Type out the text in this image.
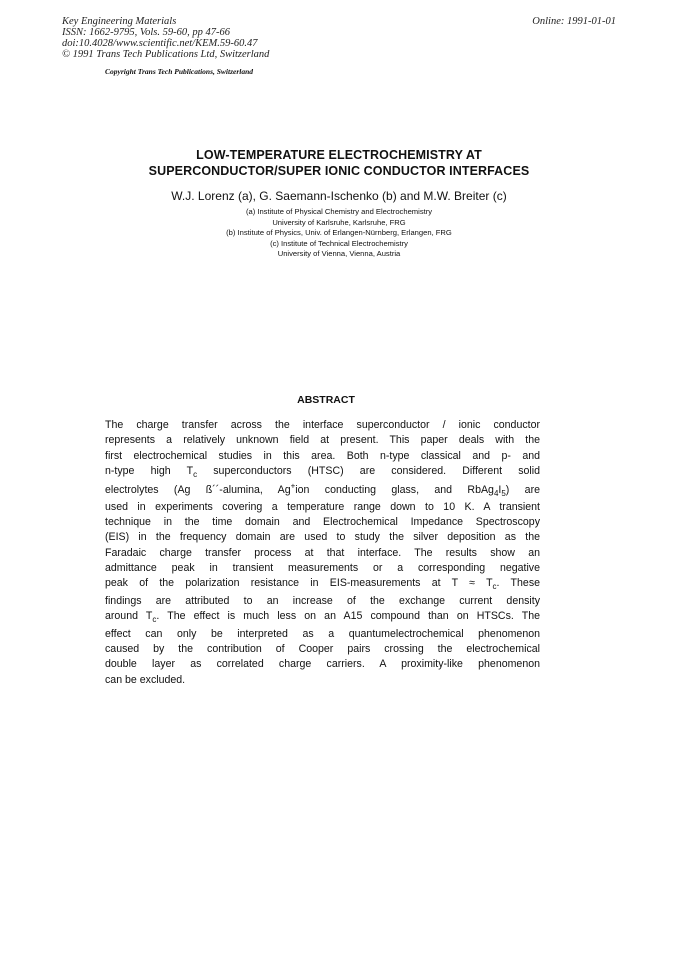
Key Engineering Materials
ISSN: 1662-9795, Vols. 59-60, pp 47-66
doi:10.4028/www.scientific.net/KEM.59-60.47
© 1991 Trans Tech Publications Ltd, Switzerland
Online: 1991-01-01
Copyright Trans Tech Publications, Switzerland
LOW-TEMPERATURE ELECTROCHEMISTRY AT
SUPERCONDUCTOR/SUPER IONIC CONDUCTOR INTERFACES
W.J. Lorenz (a), G. Saemann-Ischenko (b) and M.W. Breiter (c)
(a) Institute of Physical Chemistry and Electrochemistry
University of Karlsruhe, Karlsruhe, FRG
(b) Institute of Physics, Univ. of Erlangen-Nürnberg, Erlangen, FRG
(c) Institute of Technical Electrochemistry
University of Vienna, Vienna, Austria
ABSTRACT
The charge transfer across the interface superconductor / ionic conductor
represents a relatively unknown field at present. This paper deals with the
first electrochemical studies in this area. Both n-type classical and p- and
n-type high $T_c$ superconductors (HTSC) are considered. Different solid
electrolytes (Ag ß´´-alumina, Ag+ion conducting glass, and $RbAg_4I_5$) are
used in experiments covering a temperature range down to 10 K. A transient
technique in the time domain and Electrochemical Impedance Spectroscopy
(EIS) in the frequency domain are used to study the silver deposition as the
Faradaic charge transfer process at that interface. The results show an
admittance peak in transient measurements or a corresponding negative
peak of the polarization resistance in EIS-measurements at $T \approx T_c$. These
findings are attributed to an increase of the exchange current density
around $T_c$. The effect is much less on an A15 compound than on HTSCs. The
effect can only be interpreted as a quantumelectrochemical phenomenon
caused by the contribution of Cooper pairs crossing the electrochemical
double layer as correlated charge carriers. A proximity-like phenomenon
can be excluded.
